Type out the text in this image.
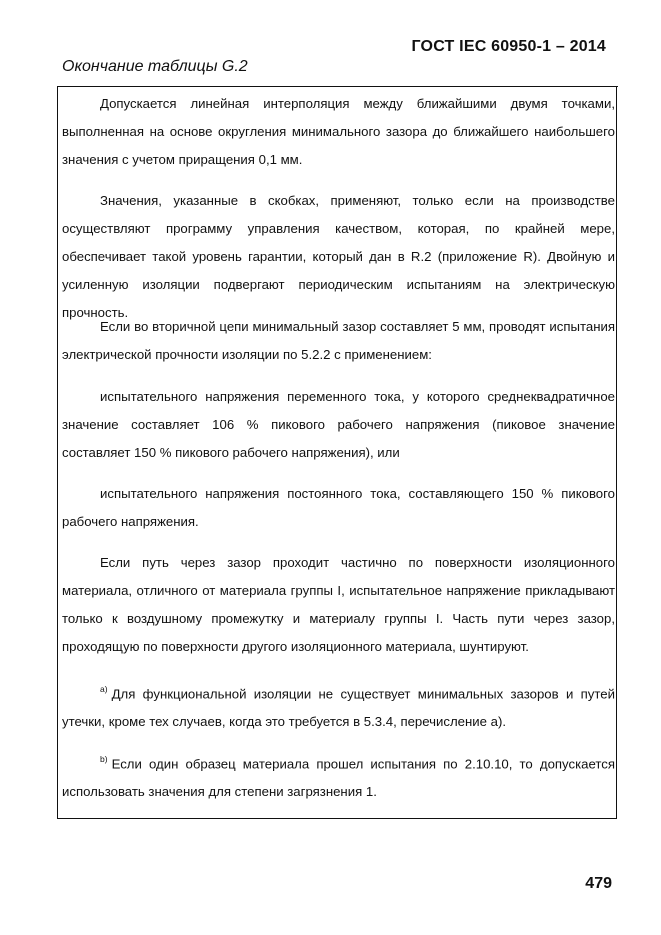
ГОСТ IEC 60950-1 – 2014
Окончание таблицы G.2

Допускается линейная интерполяция между ближайшими двумя точками, выполненная на основе округления минимального зазора до ближайшего наибольшего значения с учетом приращения 0,1 мм.

Значения, указанные в скобках, применяют, только если на производстве осуществляют программу управления качеством, которая, по крайней мере, обеспечивает такой уровень гарантии, который дан в R.2 (приложение R). Двойную и усиленную изоляции подвергают периодическим испытаниям на электрическую прочность.

Если во вторичной цепи минимальный зазор составляет 5 мм, проводят испытания электрической прочности изоляции по 5.2.2 с применением:

испытательного напряжения переменного тока, у которого среднеквадратичное значение составляет 106 % пикового рабочего напряжения (пиковое значение составляет 150 % пикового рабочего напряжения), или

испытательного напряжения постоянного тока, составляющего 150 % пикового рабочего напряжения.

Если путь через зазор проходит частично по поверхности изоляционного материала, отличного от материала группы I, испытательное напряжение прикладывают только к воздушному промежутку и материалу группы I. Часть пути через зазор, проходящую по поверхности другого изоляционного материала, шунтируют.

$^{а)}$ Для функциональной изоляции не существует минимальных зазоров и путей утечки, кроме тех случаев, когда это требуется в 5.3.4, перечисление а).

$^{b)}$ Если один образец материала прошел испытания по 2.10.10, то допускается использовать значения для степени загрязнения 1.

479
